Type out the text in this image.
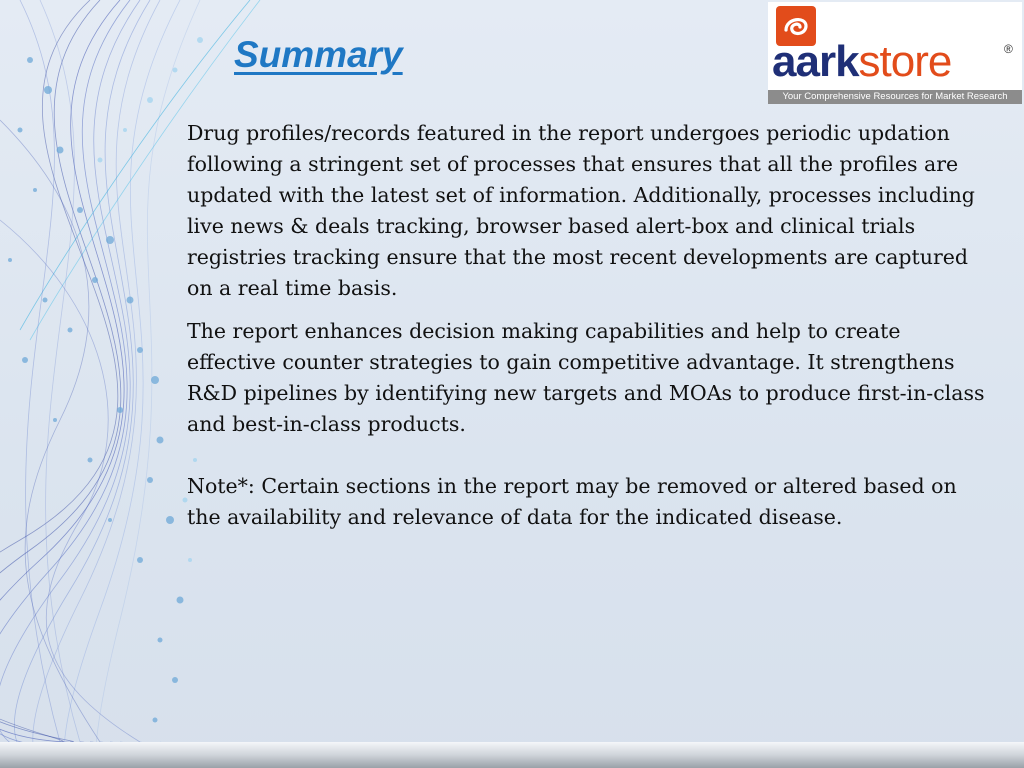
Summary	aarkstore	®
Your Comprehensive Resources for Market Research

Drug profiles/records featured in the report undergoes periodic updation following a stringent set of processes that ensures that all the profiles are updated with the latest set of information. Additionally, processes including live news & deals tracking, browser based alert-box and clinical trials registries tracking ensure that the most recent developments are captured on a real time basis.

The report enhances decision making capabilities and help to create effective counter strategies to gain competitive advantage. It strengthens R&D pipelines by identifying new targets and MOAs to produce first-in-class and best-in-class products.

Note*: Certain sections in the report may be removed or altered based on the availability and relevance of data for the indicated disease.
